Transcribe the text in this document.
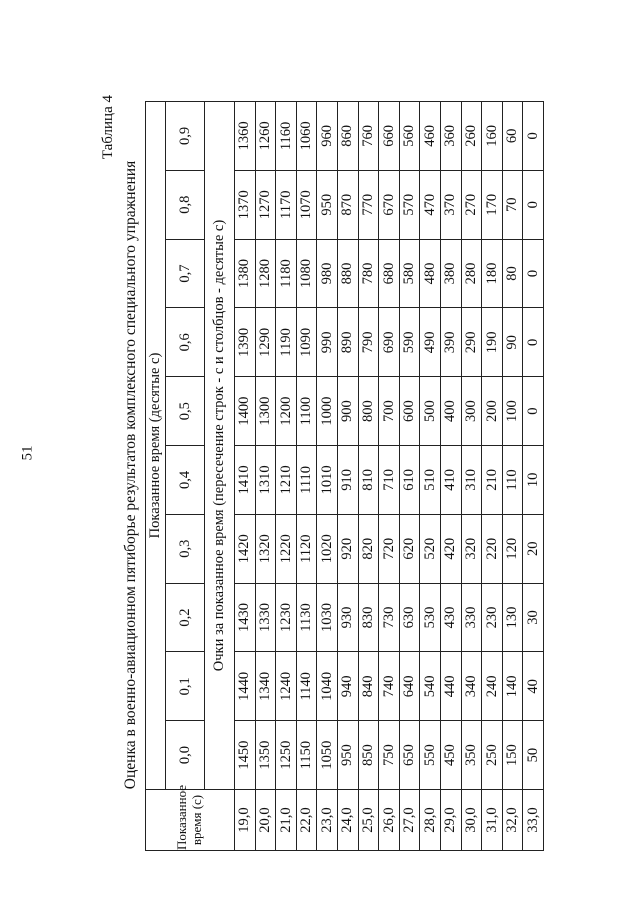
51
Таблица 4
Оценка в военно-авиационном пятиборье результатов комплексного специального упражнения
Показанное время (с)	Показанное время (десятые с)									
	0,0	0,1	0,2	0,3	0,4	0,5	0,6	0,7	0,8	0,9
	Очки за показанное время (пересечение строк - с и столбцов - десятые с)									
19,0	1450	1440	1430	1420	1410	1400	1390	1380	1370	1360
20,0	1350	1340	1330	1320	1310	1300	1290	1280	1270	1260
21,0	1250	1240	1230	1220	1210	1200	1190	1180	1170	1160
22,0	1150	1140	1130	1120	1110	1100	1090	1080	1070	1060
23,0	1050	1040	1030	1020	1010	1000	990	980	950	960
24,0	950	940	930	920	910	900	890	880	870	860
25,0	850	840	830	820	810	800	790	780	770	760
26,0	750	740	730	720	710	700	690	680	670	660
27,0	650	640	630	620	610	600	590	580	570	560
28,0	550	540	530	520	510	500	490	480	470	460
29,0	450	440	430	420	410	400	390	380	370	360
30,0	350	340	330	320	310	300	290	280	270	260
31,0	250	240	230	220	210	200	190	180	170	160
32,0	150	140	130	120	110	100	90	80	70	60
33,0	50	40	30	20	10	0	0	0	0	0
